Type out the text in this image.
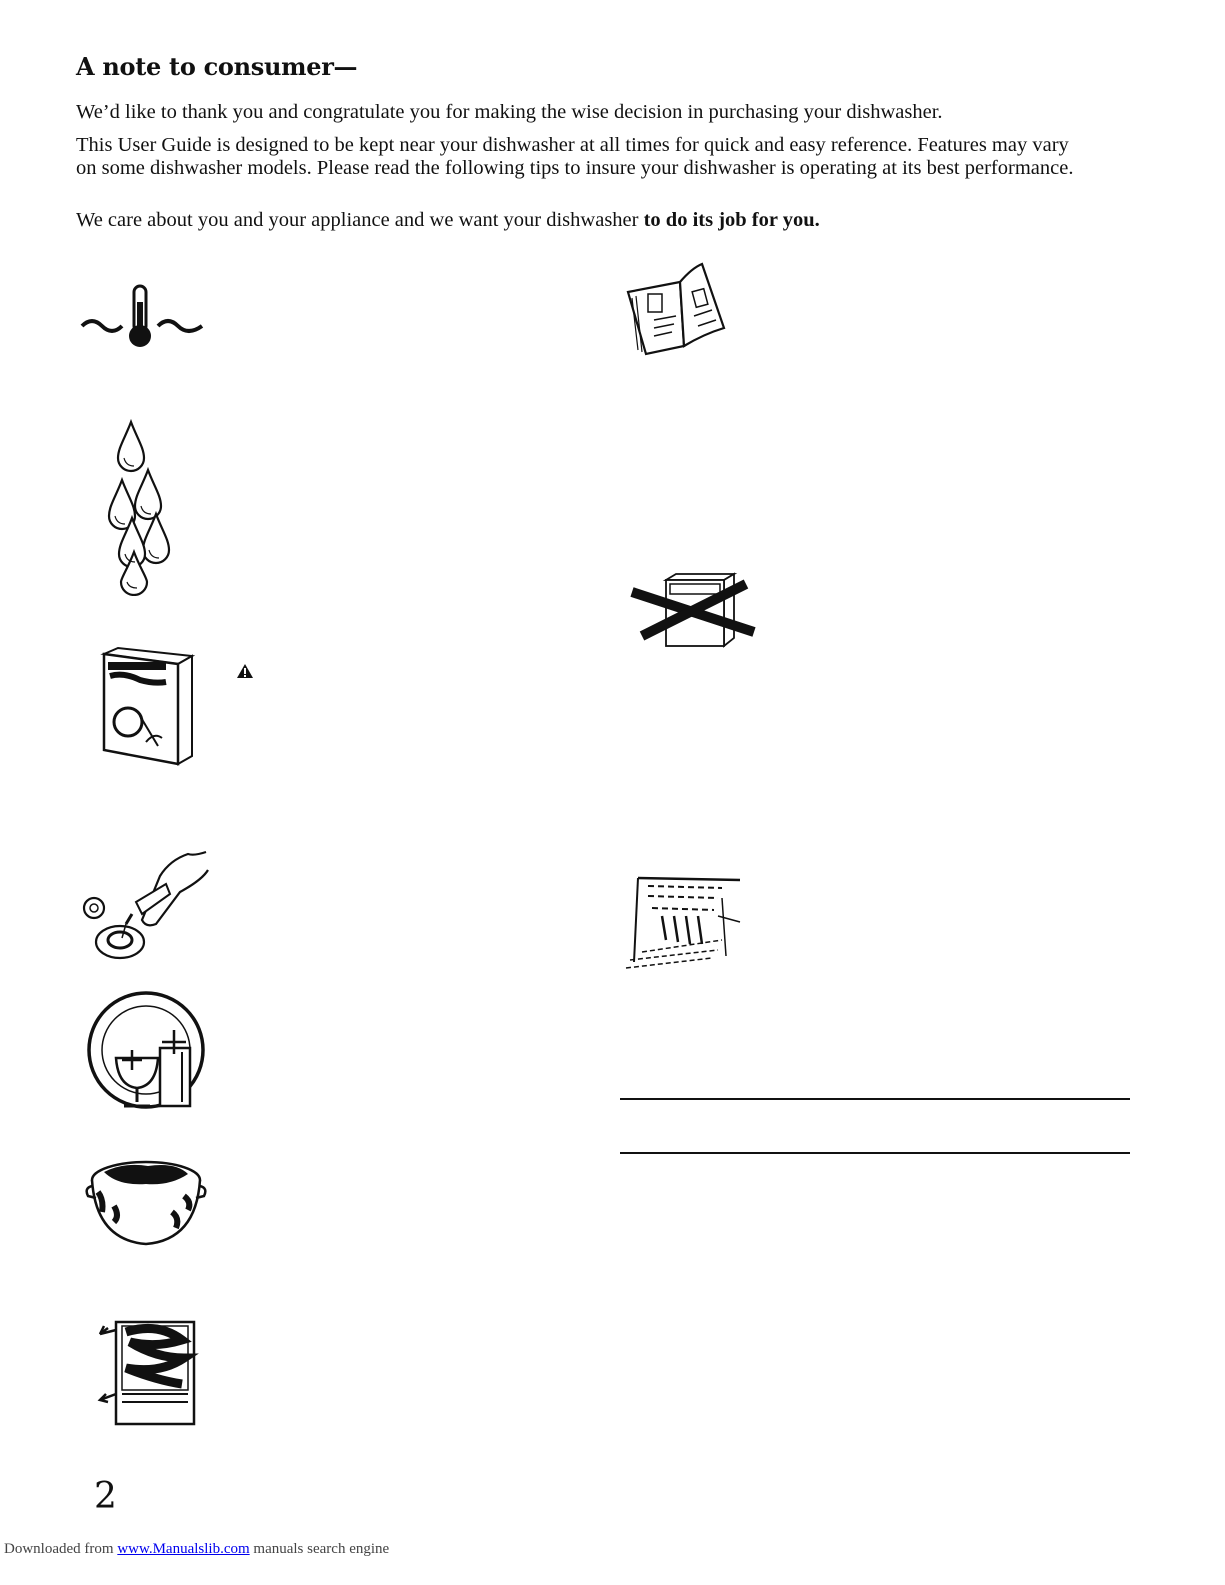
A note to consumer—

We’d like to thank you and congratulate you for making the wise decision in purchasing your dishwasher.

This User Guide is designed to be kept near your dishwasher at all times for quick and easy reference. Features may vary on some dishwasher models. Please read the following tips to insure your dishwasher is operating at its best performance.

We care about you and your appliance and we want your dishwasher to do its job for you.

2

Downloaded from www.Manualslib.com manuals search engine
